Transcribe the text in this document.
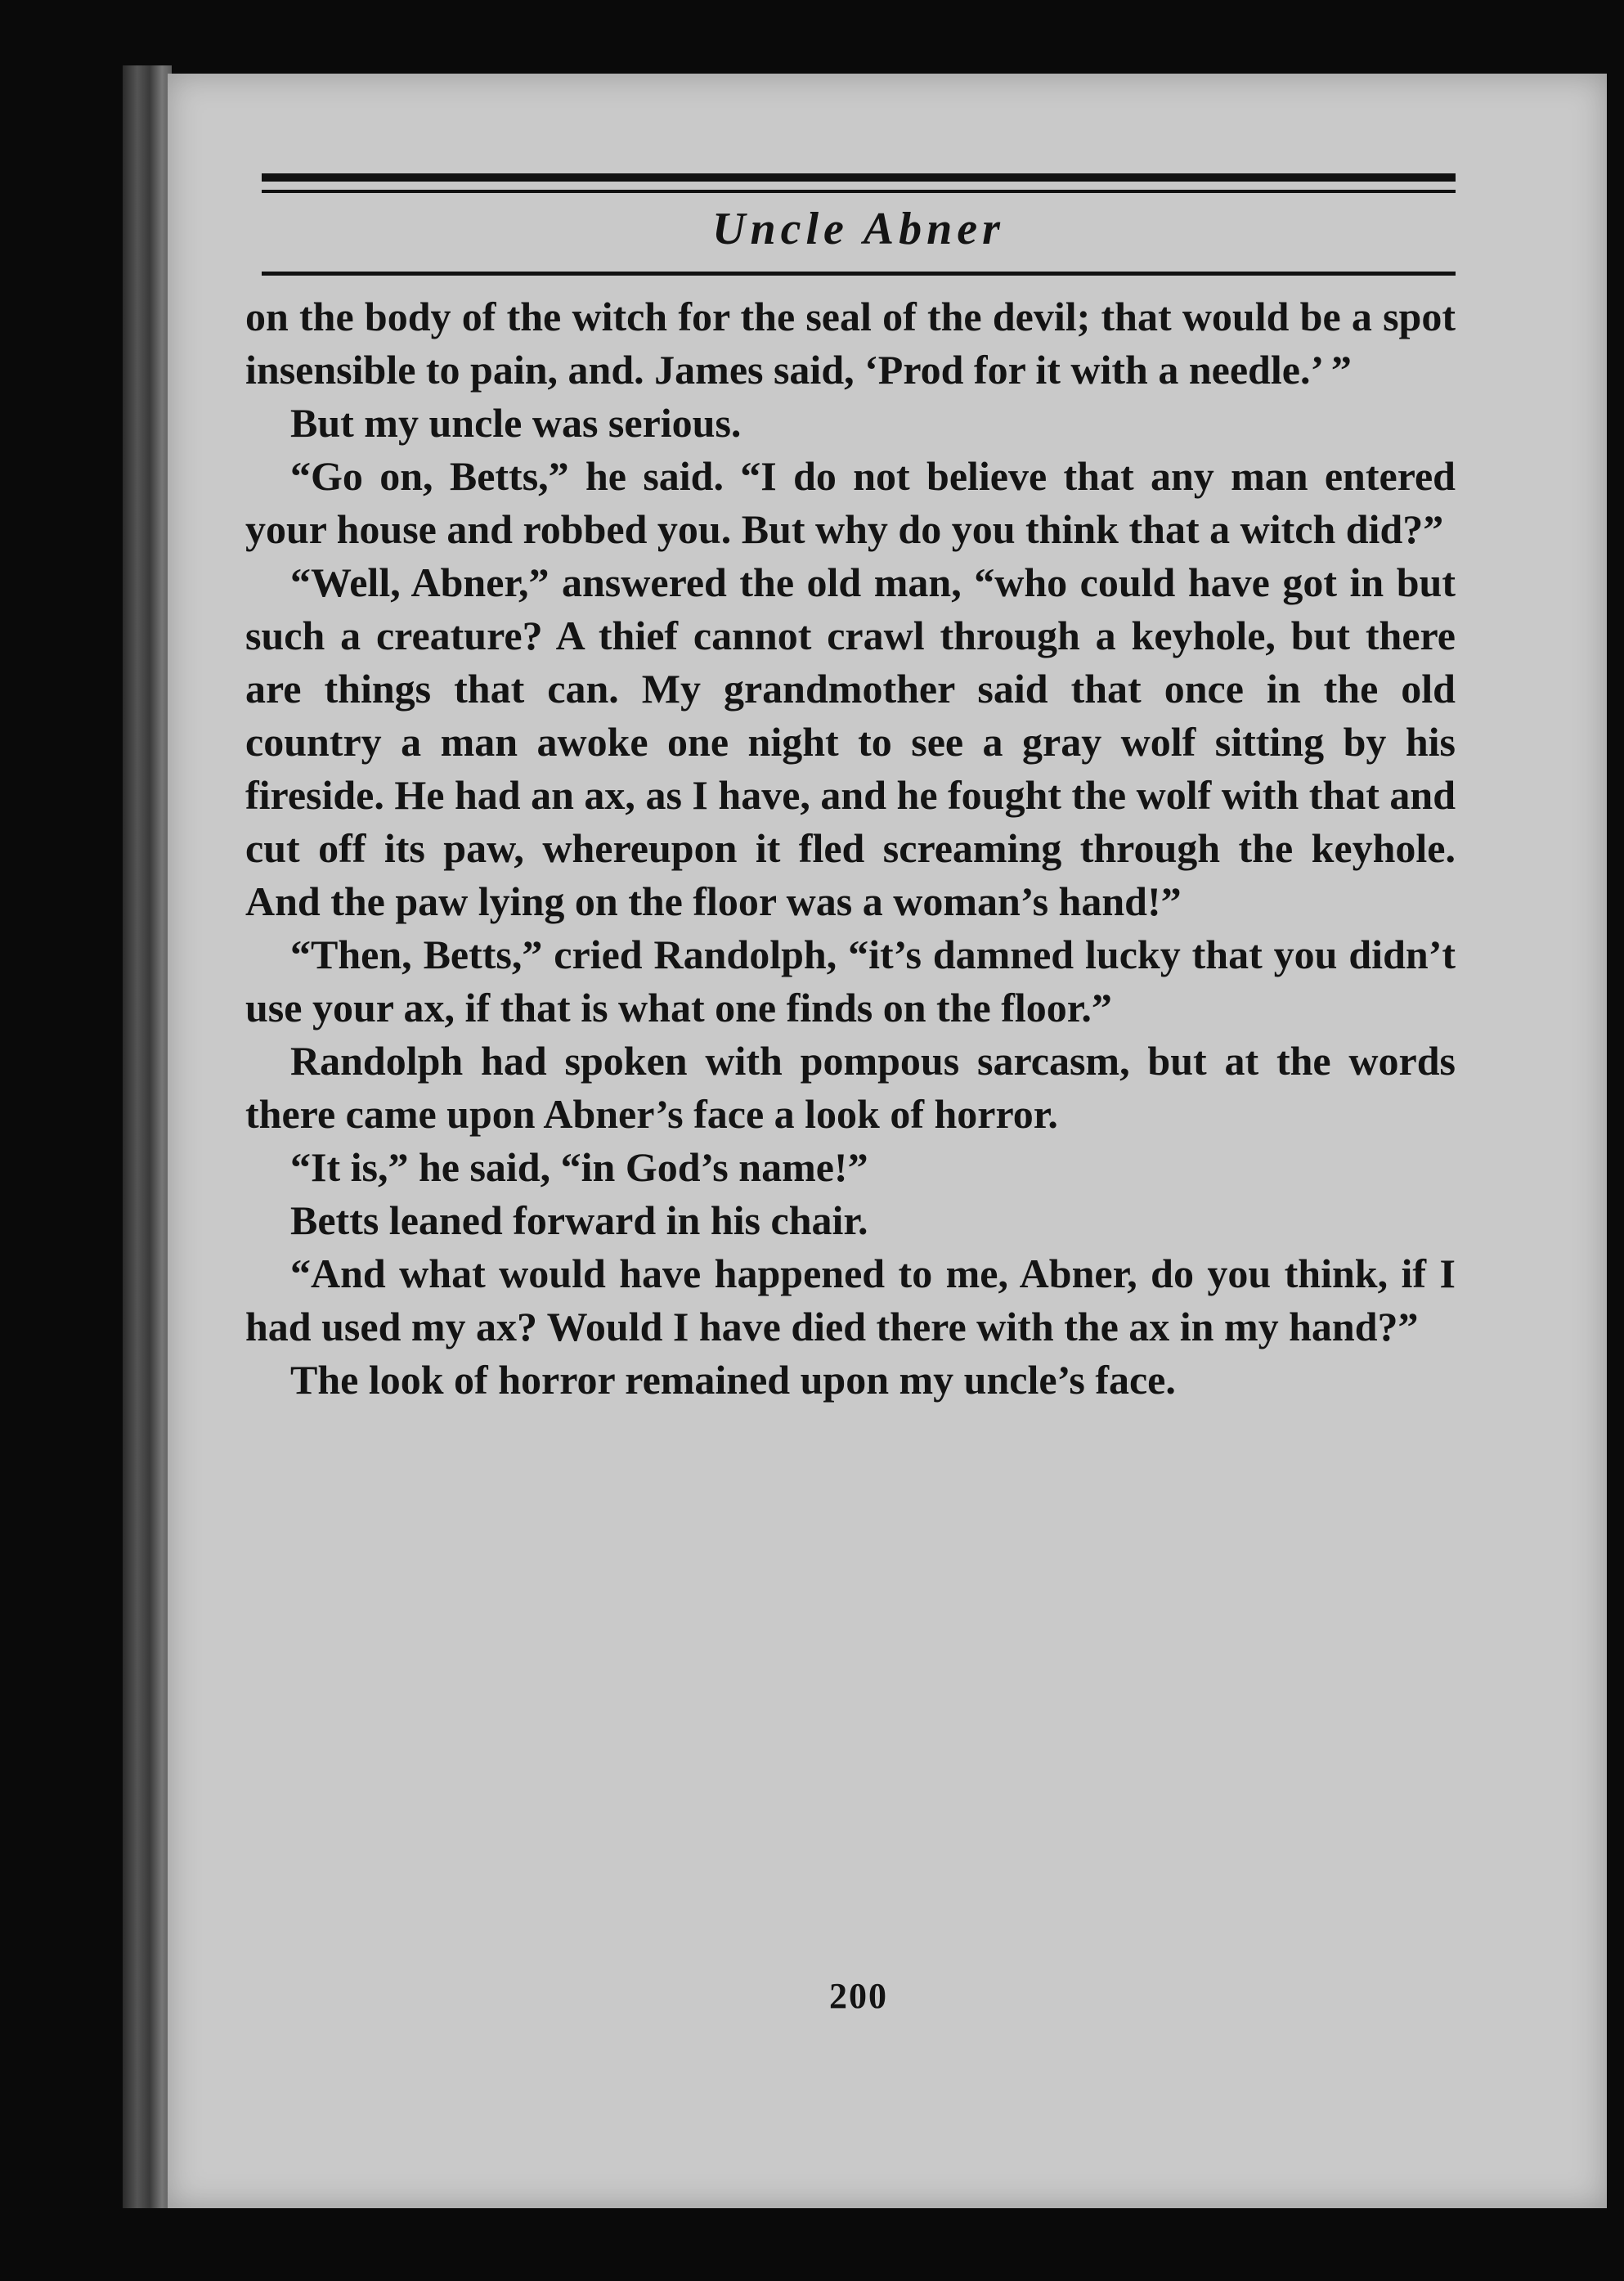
Uncle Abner

on the body of the witch for the seal of the devil; that would be a spot insensible to pain, and. James said, ‘Prod for it with a needle.’ ”

But my uncle was serious.

“Go on, Betts,” he said. “I do not believe that any man entered your house and robbed you. But why do you think that a witch did?”

“Well, Abner,” answered the old man, “who could have got in but such a creature? A thief cannot crawl through a keyhole, but there are things that can. My grandmother said that once in the old country a man awoke one night to see a gray wolf sitting by his fireside. He had an ax, as I have, and he fought the wolf with that and cut off its paw, whereupon it fled screaming through the keyhole. And the paw lying on the floor was a woman’s hand!”

“Then, Betts,” cried Randolph, “it’s damned lucky that you didn’t use your ax, if that is what one finds on the floor.”

Randolph had spoken with pompous sarcasm, but at the words there came upon Abner’s face a look of horror.

“It is,” he said, “in God’s name!”

Betts leaned forward in his chair.

“And what would have happened to me, Abner, do you think, if I had used my ax? Would I have died there with the ax in my hand?”

The look of horror remained upon my uncle’s face.

200
